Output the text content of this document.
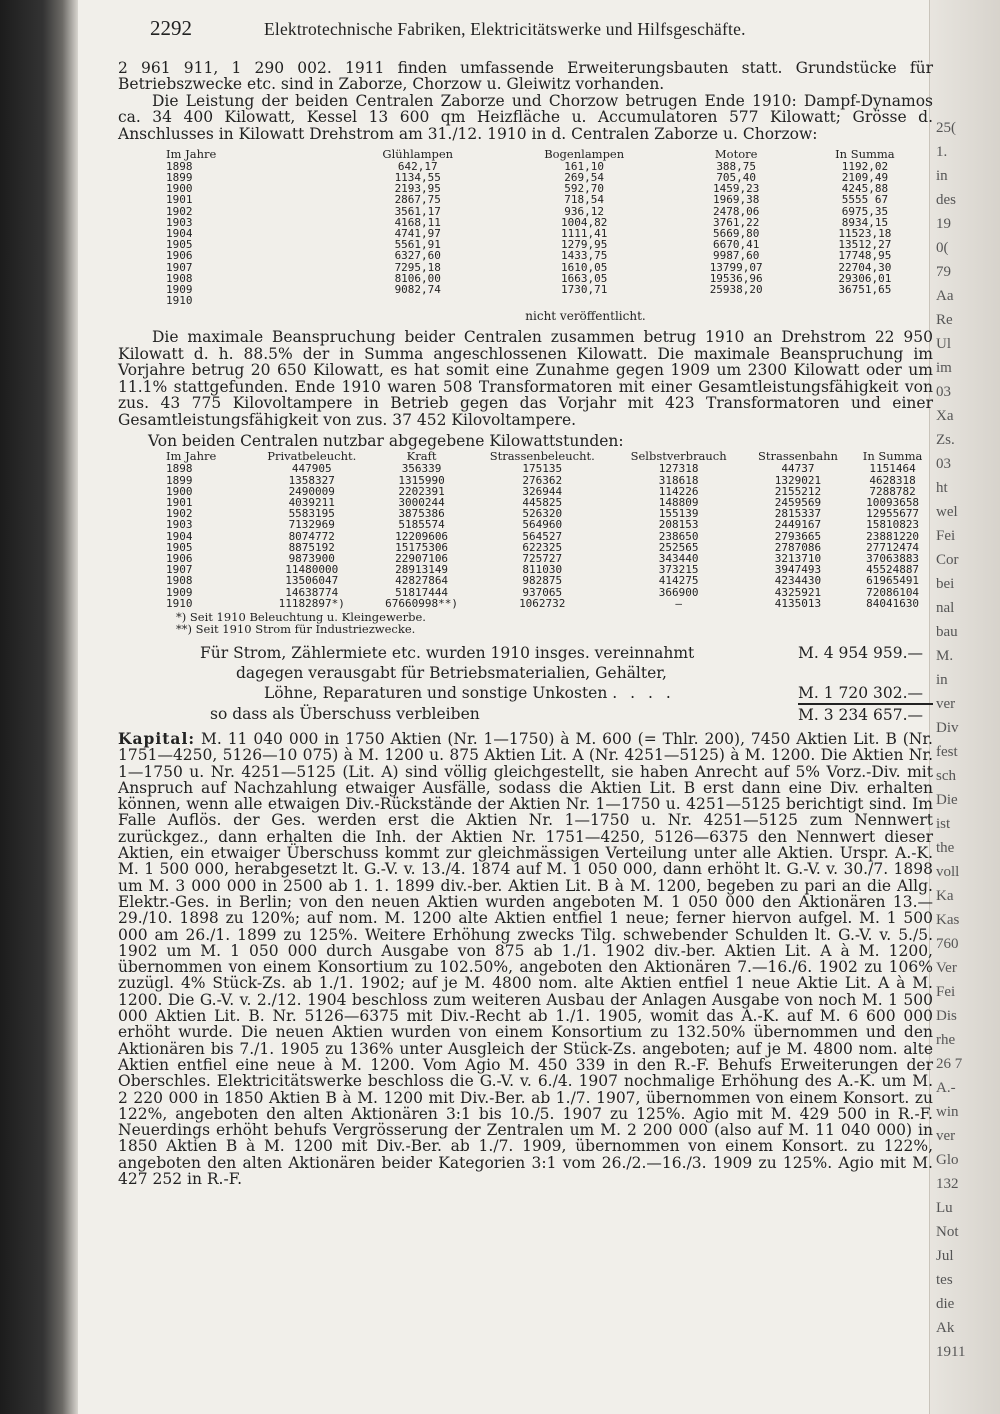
25(
1.
in
des
19
0(
79
Aa
Re
Ul
im
03
Xa
Zs.
03
ht
wel
Fei
Cor
bei
nal
bau
M.
in
ver
Div
fest
sch
Die
ist
the
voll
Ka
Kas
760
Ver
Fei
Dis
rhe
26 7
A.-
win
ver
Glo
132
Lu
Not
Jul
tes
die
Ak
1911
2292	Elektrotechnische Fabriken, Elektricitätswerke und Hilfsgeschäfte.

2 961 911, 1 290 002. 1911 finden umfassende Erweiterungsbauten statt. Grundstücke für Betriebszwecke etc. sind in Zaborze, Chorzow u. Gleiwitz vorhanden.

Die Leistung der beiden Centralen Zaborze und Chorzow betrugen Ende 1910: Dampf-Dynamos ca. 34 400 Kilowatt, Kessel 13 600 qm Heizfläche u. Accumulatoren 577 Kilowatt; Grösse d. Anschlusses in Kilowatt Drehstrom am 31./12. 1910 in d. Centralen Zaborze u. Chorzow:

Im Jahre	Glühlampen	Bogenlampen	Motore	In Summa
1898	642,17	161,10	388,75	1192,02
1899	1134,55	269,54	705,40	2109,49
1900	2193,95	592,70	1459,23	4245,88
1901	2867,75	718,54	1969,38	5555 67
1902	3561,17	936,12	2478,06	6975,35
1903	4168,11	1004,82	3761,22	8934,15
1904	4741,97	1111,41	5669,80	11523,18
1905	5561,91	1279,95	6670,41	13512,27
1906	6327,60	1433,75	9987,60	17748,95
1907	7295,18	1610,05	13799,07	22704,30
1908	8106,00	1663,05	19536,96	29306,01
1909	9082,74	1730,71	25938,20	36751,65
1910				
nicht veröffentlicht.

Die maximale Beanspruchung beider Centralen zusammen betrug 1910 an Drehstrom 22 950 Kilowatt d. h. 88.5% der in Summa angeschlossenen Kilowatt. Die maximale Beanspruchung im Vorjahre betrug 20 650 Kilowatt, es hat somit eine Zunahme gegen 1909 um 2300 Kilowatt oder um 11.1% stattgefunden. Ende 1910 waren 508 Transformatoren mit einer Gesamtleistungsfähigkeit von zus. 43 775 Kilovoltampere in Betrieb gegen das Vorjahr mit 423 Transformatoren und einer Gesamtleistungsfähigkeit von zus. 37 452 Kilovoltampere.

Von beiden Centralen nutzbar abgegebene Kilowattstunden:

Im Jahre	Privatbeleucht.	Kraft	Strassenbeleucht.	Selbstverbrauch	Strassenbahn	In Summa
1898	447905	356339	175135	127318	44737	1151464
1899	1358327	1315990	276362	318618	1329021	4628318
1900	2490009	2202391	326944	114226	2155212	7288782
1901	4039211	3000244	445825	148809	2459569	10093658
1902	5583195	3875386	526320	155139	2815337	12955677
1903	7132969	5185574	564960	208153	2449167	15810823
1904	8074772	12209606	564527	238650	2793665	23881220
1905	8875192	15175306	622325	252565	2787086	27712474
1906	9873900	22907106	725727	343440	3213710	37063883
1907	11480000	28913149	811030	373215	3947493	45524887
1908	13506047	42827864	982875	414275	4234430	61965491
1909	14638774	51817444	937065	366900	4325921	72086104
1910	11182897*)	67660998**)	1062732	—	4135013	84041630
*) Seit 1910 Beleuchtung u. Kleingewerbe.
**) Seit 1910 Strom für Industriezwecke.
Für Strom, Zählermiete etc. wurden 1910 insges. vereinnahmt	M. 4 954 959.—
dagegen verausgabt für Betriebsmaterialien, Gehälter,
Löhne, Reparaturen und sonstige Unkosten . . . .	M. 1 720 302.—
so dass als Überschuss verbleiben	M. 3 234 657.—

Kapital: M. 11 040 000 in 1750 Aktien (Nr. 1—1750) à M. 600 (= Thlr. 200), 7450 Aktien Lit. B (Nr. 1751—4250, 5126—10 075) à M. 1200 u. 875 Aktien Lit. A (Nr. 4251—5125) à M. 1200. Die Aktien Nr. 1—1750 u. Nr. 4251—5125 (Lit. A) sind völlig gleichgestellt, sie haben Anrecht auf 5% Vorz.-Div. mit Anspruch auf Nachzahlung etwaiger Ausfälle, sodass die Aktien Lit. B erst dann eine Div. erhalten können, wenn alle etwaigen Div.-Rückstände der Aktien Nr. 1—1750 u. 4251—5125 berichtigt sind. Im Falle Auflös. der Ges. werden erst die Aktien Nr. 1—1750 u. Nr. 4251—5125 zum Nennwert zurückgez., dann erhalten die Inh. der Aktien Nr. 1751—4250, 5126—6375 den Nennwert dieser Aktien, ein etwaiger Überschuss kommt zur gleichmässigen Verteilung unter alle Aktien. Urspr. A.-K. M. 1 500 000, herabgesetzt lt. G.-V. v. 13./4. 1874 auf M. 1 050 000, dann erhöht lt. G.-V. v. 30./7. 1898 um M. 3 000 000 in 2500 ab 1. 1. 1899 div.-ber. Aktien Lit. B à M. 1200, begeben zu pari an die Allg. Elektr.-Ges. in Berlin; von den neuen Aktien wurden angeboten M. 1 050 000 den Aktionären 13.—29./10. 1898 zu 120%; auf nom. M. 1200 alte Aktien entfiel 1 neue; ferner hiervon aufgel. M. 1 500 000 am 26./1. 1899 zu 125%. Weitere Erhöhung zwecks Tilg. schwebender Schulden lt. G.-V. v. 5./5. 1902 um M. 1 050 000 durch Ausgabe von 875 ab 1./1. 1902 div.-ber. Aktien Lit. A à M. 1200, übernommen von einem Konsortium zu 102.50%, angeboten den Aktionären 7.—16./6. 1902 zu 106% zuzügl. 4% Stück-Zs. ab 1./1. 1902; auf je M. 4800 nom. alte Aktien entfiel 1 neue Aktie Lit. A à M. 1200. Die G.-V. v. 2./12. 1904 beschloss zum weiteren Ausbau der Anlagen Ausgabe von noch M. 1 500 000 Aktien Lit. B. Nr. 5126—6375 mit Div.-Recht ab 1./1. 1905, womit das A.-K. auf M. 6 600 000 erhöht wurde. Die neuen Aktien wurden von einem Konsortium zu 132.50% übernommen und den Aktionären bis 7./1. 1905 zu 136% unter Ausgleich der Stück-Zs. angeboten; auf je M. 4800 nom. alte Aktien entfiel eine neue à M. 1200. Vom Agio M. 450 339 in den R.-F. Behufs Erweiterungen der Oberschles. Elektricitätswerke beschloss die G.-V. v. 6./4. 1907 nochmalige Erhöhung des A.-K. um M. 2 220 000 in 1850 Aktien B à M. 1200 mit Div.-Ber. ab 1./7. 1907, übernommen von einem Konsort. zu 122%, angeboten den alten Aktionären 3:1 bis 10./5. 1907 zu 125%. Agio mit M. 429 500 in R.-F. Neuerdings erhöht behufs Vergrösserung der Zentralen um M. 2 200 000 (also auf M. 11 040 000) in 1850 Aktien B à M. 1200 mit Div.-Ber. ab 1./7. 1909, übernommen von einem Konsort. zu 122%, angeboten den alten Aktionären beider Kategorien 3:1 vom 26./2.—16./3. 1909 zu 125%. Agio mit M. 427 252 in R.-F.
